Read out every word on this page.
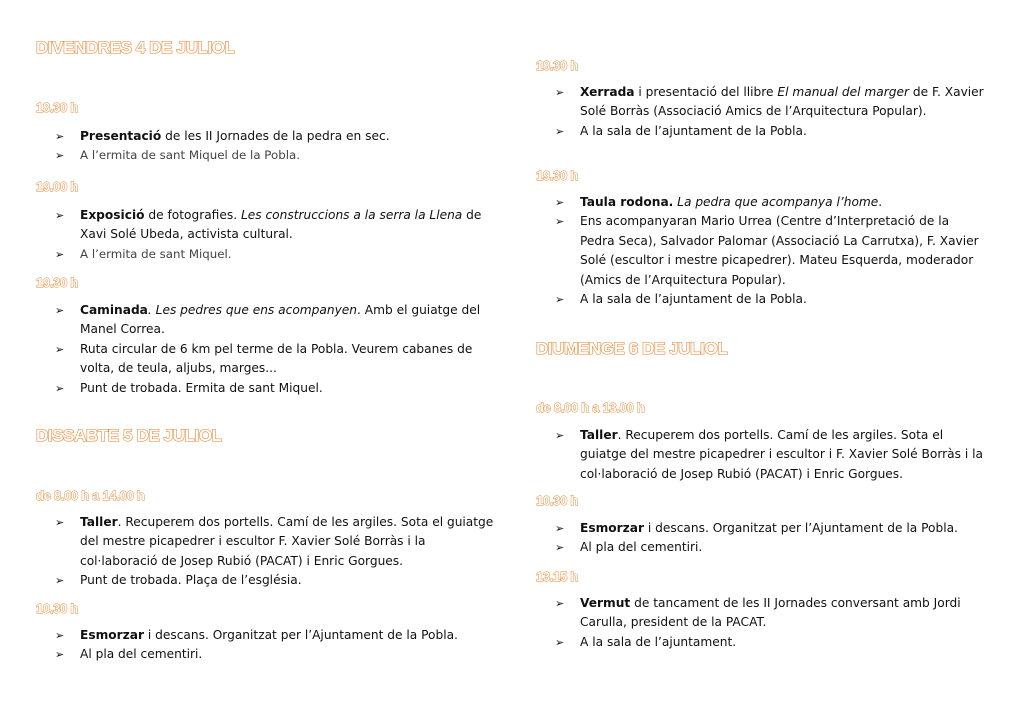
DIVENDRES 4 DE JULIOL
18.30 h
➢ Presentació de les II Jornades de la pedra en sec.
➢ A l’ermita de sant Miquel de la Pobla.
19.00 h
➢ Exposició de fotografies. Les construccions a la serra la Llena de Xavi Solé Ubeda, activista cultural.
➢ A l’ermita de sant Miquel.
19.30 h
➢ Caminada. Les pedres que ens acompanyen. Amb el guiatge del Manel Correa.
➢ Ruta circular de 6 km pel terme de la Pobla. Veurem cabanes de volta, de teula, aljubs, marges...
➢ Punt de trobada. Ermita de sant Miquel.
DISSABTE 5 DE JULIOL
de 8.00 h a 14.00 h
➢ Taller. Recuperem dos portells. Camí de les argiles. Sota el guiatge del mestre picapedrer i escultor F. Xavier Solé Borràs i la col·laboració de Josep Rubió (PACAT) i Enric Gorgues.
➢ Punt de trobada. Plaça de l’església.
10.30 h
➢ Esmorzar i descans. Organitzat per l’Ajuntament de la Pobla.
➢ Al pla del cementiri.
18.30 h
➢ Xerrada i presentació del llibre El manual del marger de F. Xavier Solé Borràs (Associació Amics de l’Arquitectura Popular).
➢ A la sala de l’ajuntament de la Pobla.
19.30 h
➢ Taula rodona. La pedra que acompanya l’home.
➢ Ens acompanyaran Mario Urrea (Centre d’Interpretació de la Pedra Seca), Salvador Palomar (Associació La Carrutxa), F. Xavier Solé (escultor i mestre picapedrer). Mateu Esquerda, moderador (Amics de l’Arquitectura Popular).
➢ A la sala de l’ajuntament de la Pobla.
DIUMENGE 6 DE JULIOL
de 8.00 h a 13.00 h
➢ Taller. Recuperem dos portells. Camí de les argiles. Sota el guiatge del mestre picapedrer i escultor i F. Xavier Solé Borràs i la col·laboració de Josep Rubió (PACAT) i Enric Gorgues.
10.30 h
➢ Esmorzar i descans. Organitzat per l’Ajuntament de la Pobla.
➢ Al pla del cementiri.
13.15 h
➢ Vermut de tancament de les II Jornades conversant amb Jordi Carulla, president de la PACAT.
➢ A la sala de l’ajuntament.
